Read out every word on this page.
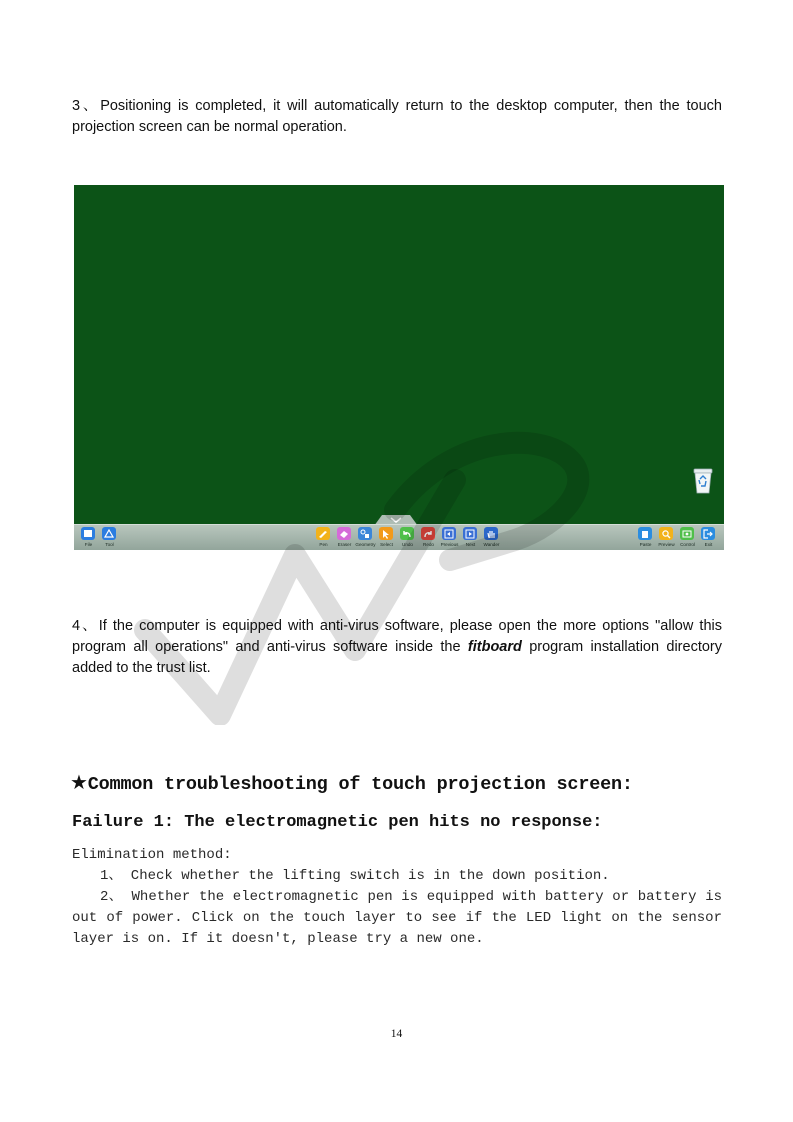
3、Positioning is completed, it will automatically return to the desktop computer, then the touch projection screen can be normal operation.

File	Tool	Pen	Eraser Geometry Select	Undo	Redo	Previous	Next	Wander	Paste	Preview	Control	Exit

4、If the computer is equipped with anti-virus software, please open the more options "allow this program all operations" and anti-virus software inside the fitboard program installation directory added to the trust list.

★Common troubleshooting of touch projection screen:
Failure 1: The electromagnetic pen hits no response:
Elimination method:
1、 Check whether the lifting switch is in the down position.
2、 Whether the electromagnetic pen is equipped with battery or battery is out of power. Click on the touch layer to see if the LED light on the sensor layer is on. If it doesn't, please try a new one.
14
